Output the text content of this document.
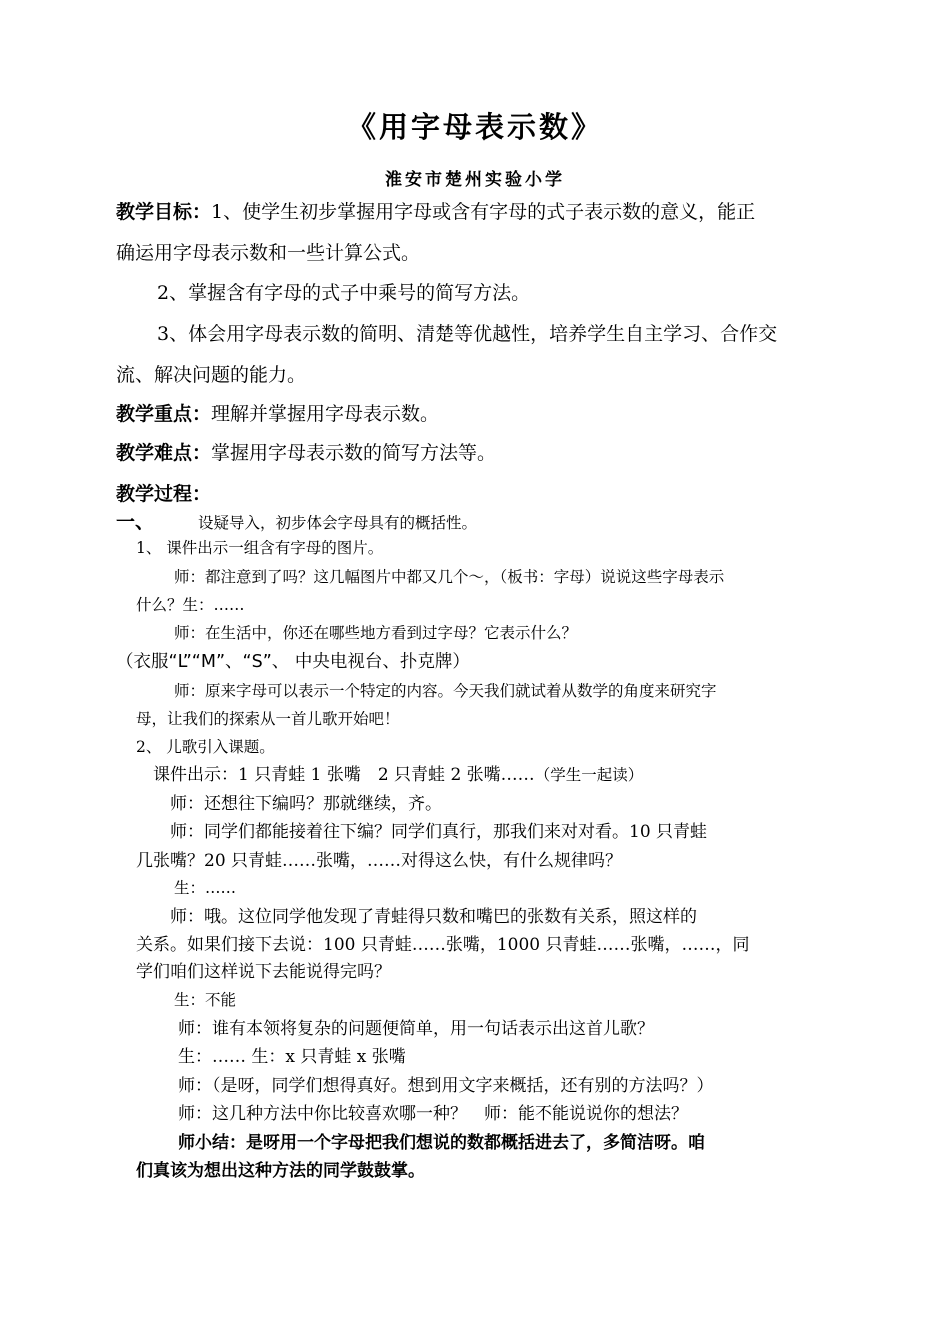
《用字母表示数》
淮安市楚州实验小学
教学目标：1、使学生初步掌握用字母或含有字母的式子表示数的意义，能正
确运用字母表示数和一些计算公式。
2、掌握含有字母的式子中乘号的简写方法。
3、体会用字母表示数的简明、清楚等优越性，培养学生自主学习、合作交
流、解决问题的能力。
教学重点：理解并掌握用字母表示数。
教学难点：掌握用字母表示数的简写方法等。
教学过程：
一、	设疑导入，初步体会字母具有的概括性。
1、 课件出示一组含有字母的图片。
师：都注意到了吗？这几幅图片中都又几个～，（板书：字母）说说这些字母表示
什么？生：……
师：在生活中，你还在哪些地方看到过字母？它表示什么？
（衣服“L”“M”、“S”、 中央电视台、扑克牌）
师：原来字母可以表示一个特定的内容。今天我们就试着从数学的角度来研究字
母，让我们的探索从一首儿歌开始吧！
2、 儿歌引入课题。
课件出示：1 只青蛙 1 张嘴　2 只青蛙 2 张嘴……（学生一起读）
师：还想往下编吗？那就继续，齐。
师：同学们都能接着往下编？同学们真行，那我们来对对看。10 只青蛙
几张嘴？20 只青蛙……张嘴，……对得这么快，有什么规律吗？
生：……
师：哦。这位同学他发现了青蛙得只数和嘴巴的张数有关系，照这样的
关系。如果们接下去说：100 只青蛙……张嘴，1000 只青蛙……张嘴，……，同
学们咱们这样说下去能说得完吗？
生：不能
师：谁有本领将复杂的问题便简单，用一句话表示出这首儿歌？
生：…… 生：x 只青蛙 x 张嘴
师：（是呀，同学们想得真好。想到用文字来概括，还有别的方法吗？）
师：这几种方法中你比较喜欢哪一种？　师：能不能说说你的想法？
师小结：是呀用一个字母把我们想说的数都概括进去了，多简洁呀。咱
们真该为想出这种方法的同学鼓鼓掌。
